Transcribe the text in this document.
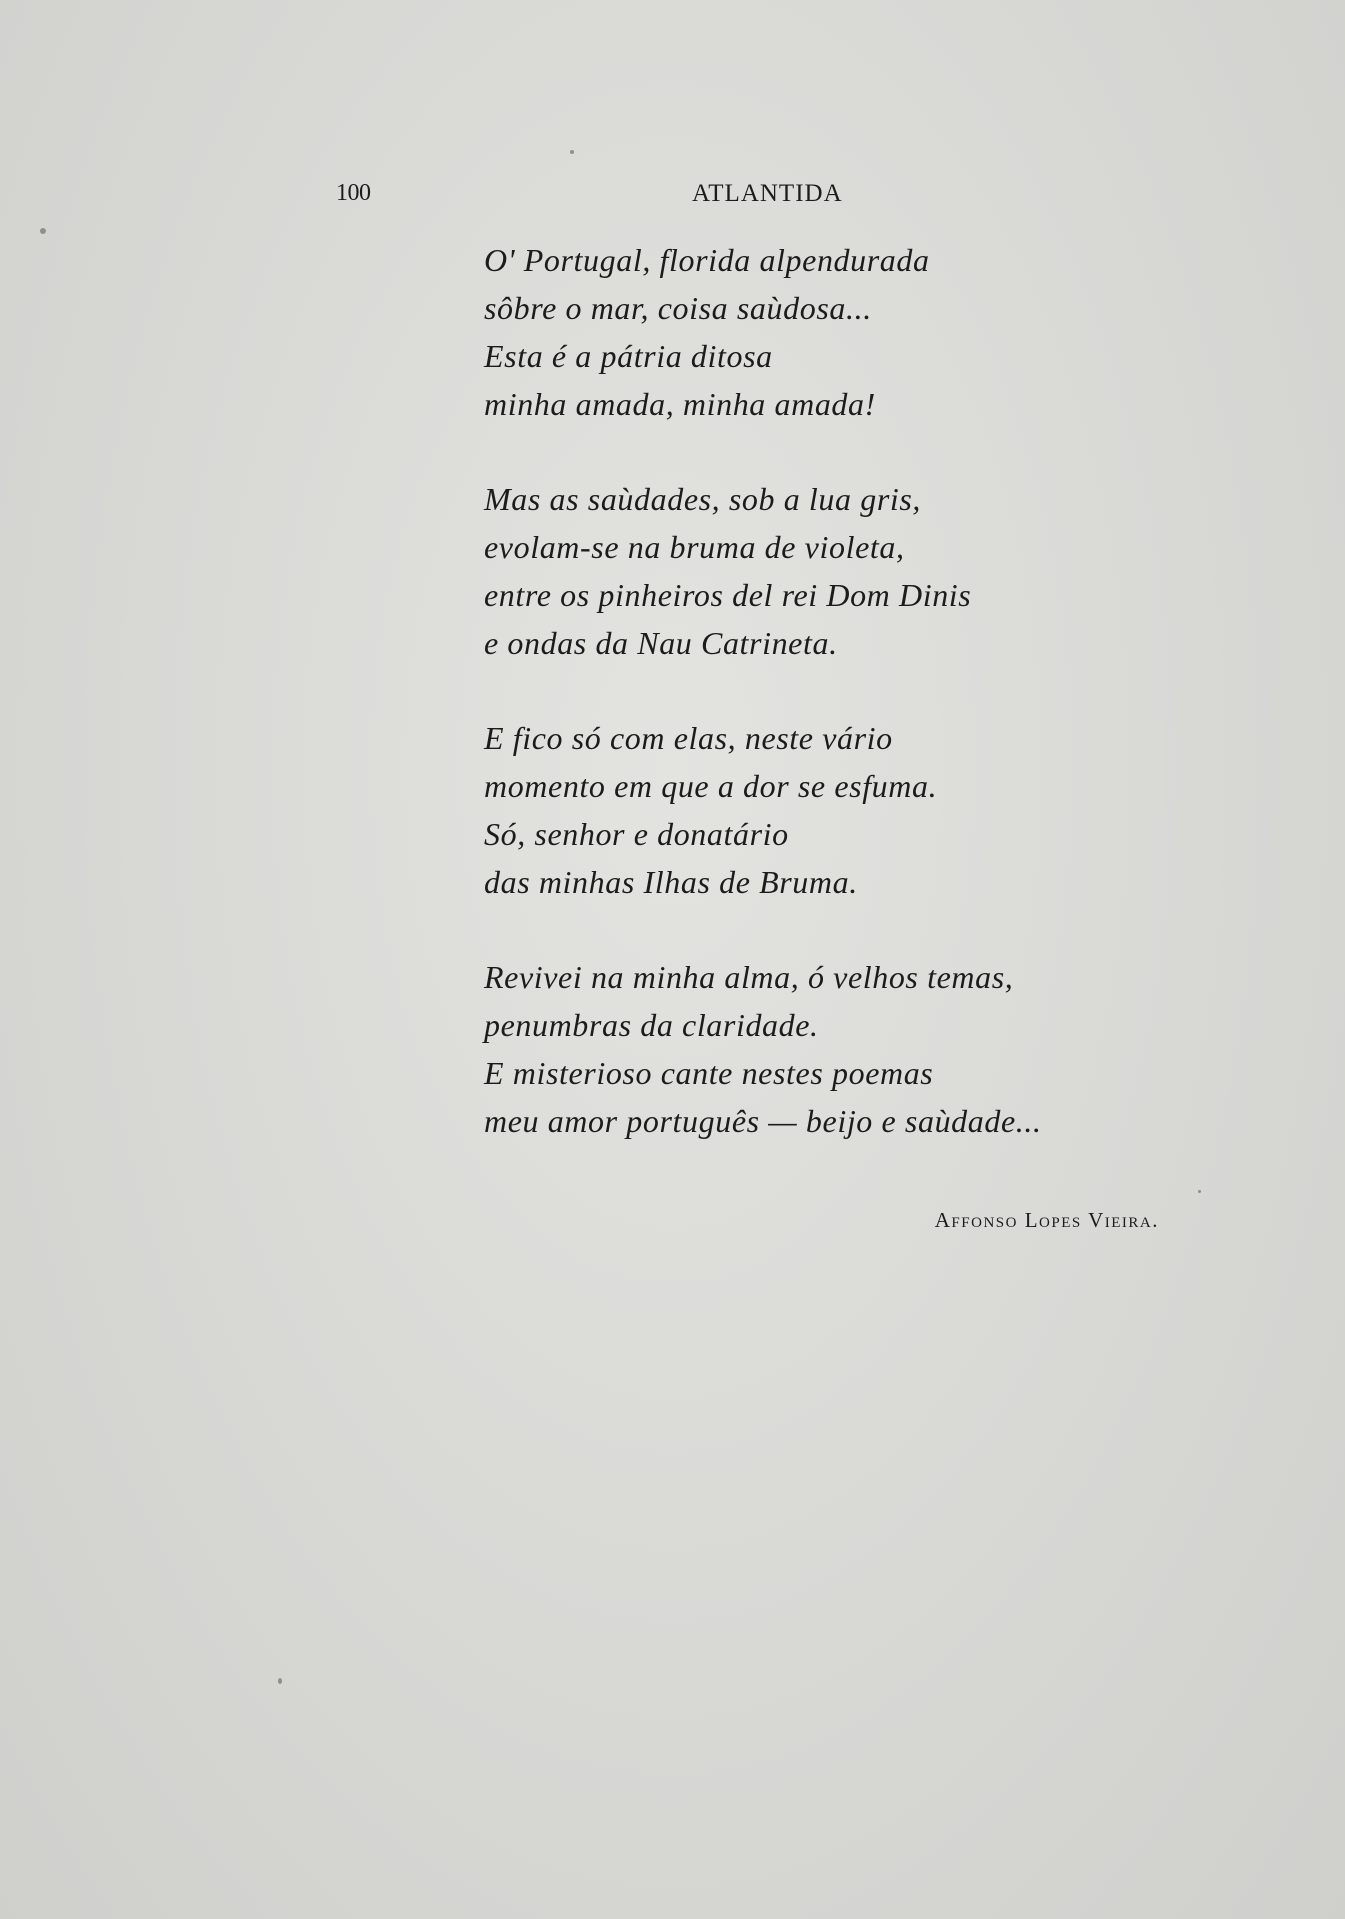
100	ATLANTIDA
O' Portugal, florida alpendurada
sôbre o mar, coisa saùdosa...
Esta é a pátria ditosa
minha amada, minha amada!
Mas as saùdades, sob a lua gris,
evolam-se na bruma de violeta,
entre os pinheiros del rei Dom Dinis
e ondas da Nau Catrineta.
E fico só com elas, neste vário
momento em que a dor se esfuma.
Só, senhor e donatário
das minhas Ilhas de Bruma.
Revivei na minha alma, ó velhos temas,
penumbras da claridade.
E misterioso cante nestes poemas
meu amor português — beijo e saùdade...
Affonso Lopes Vieira.
